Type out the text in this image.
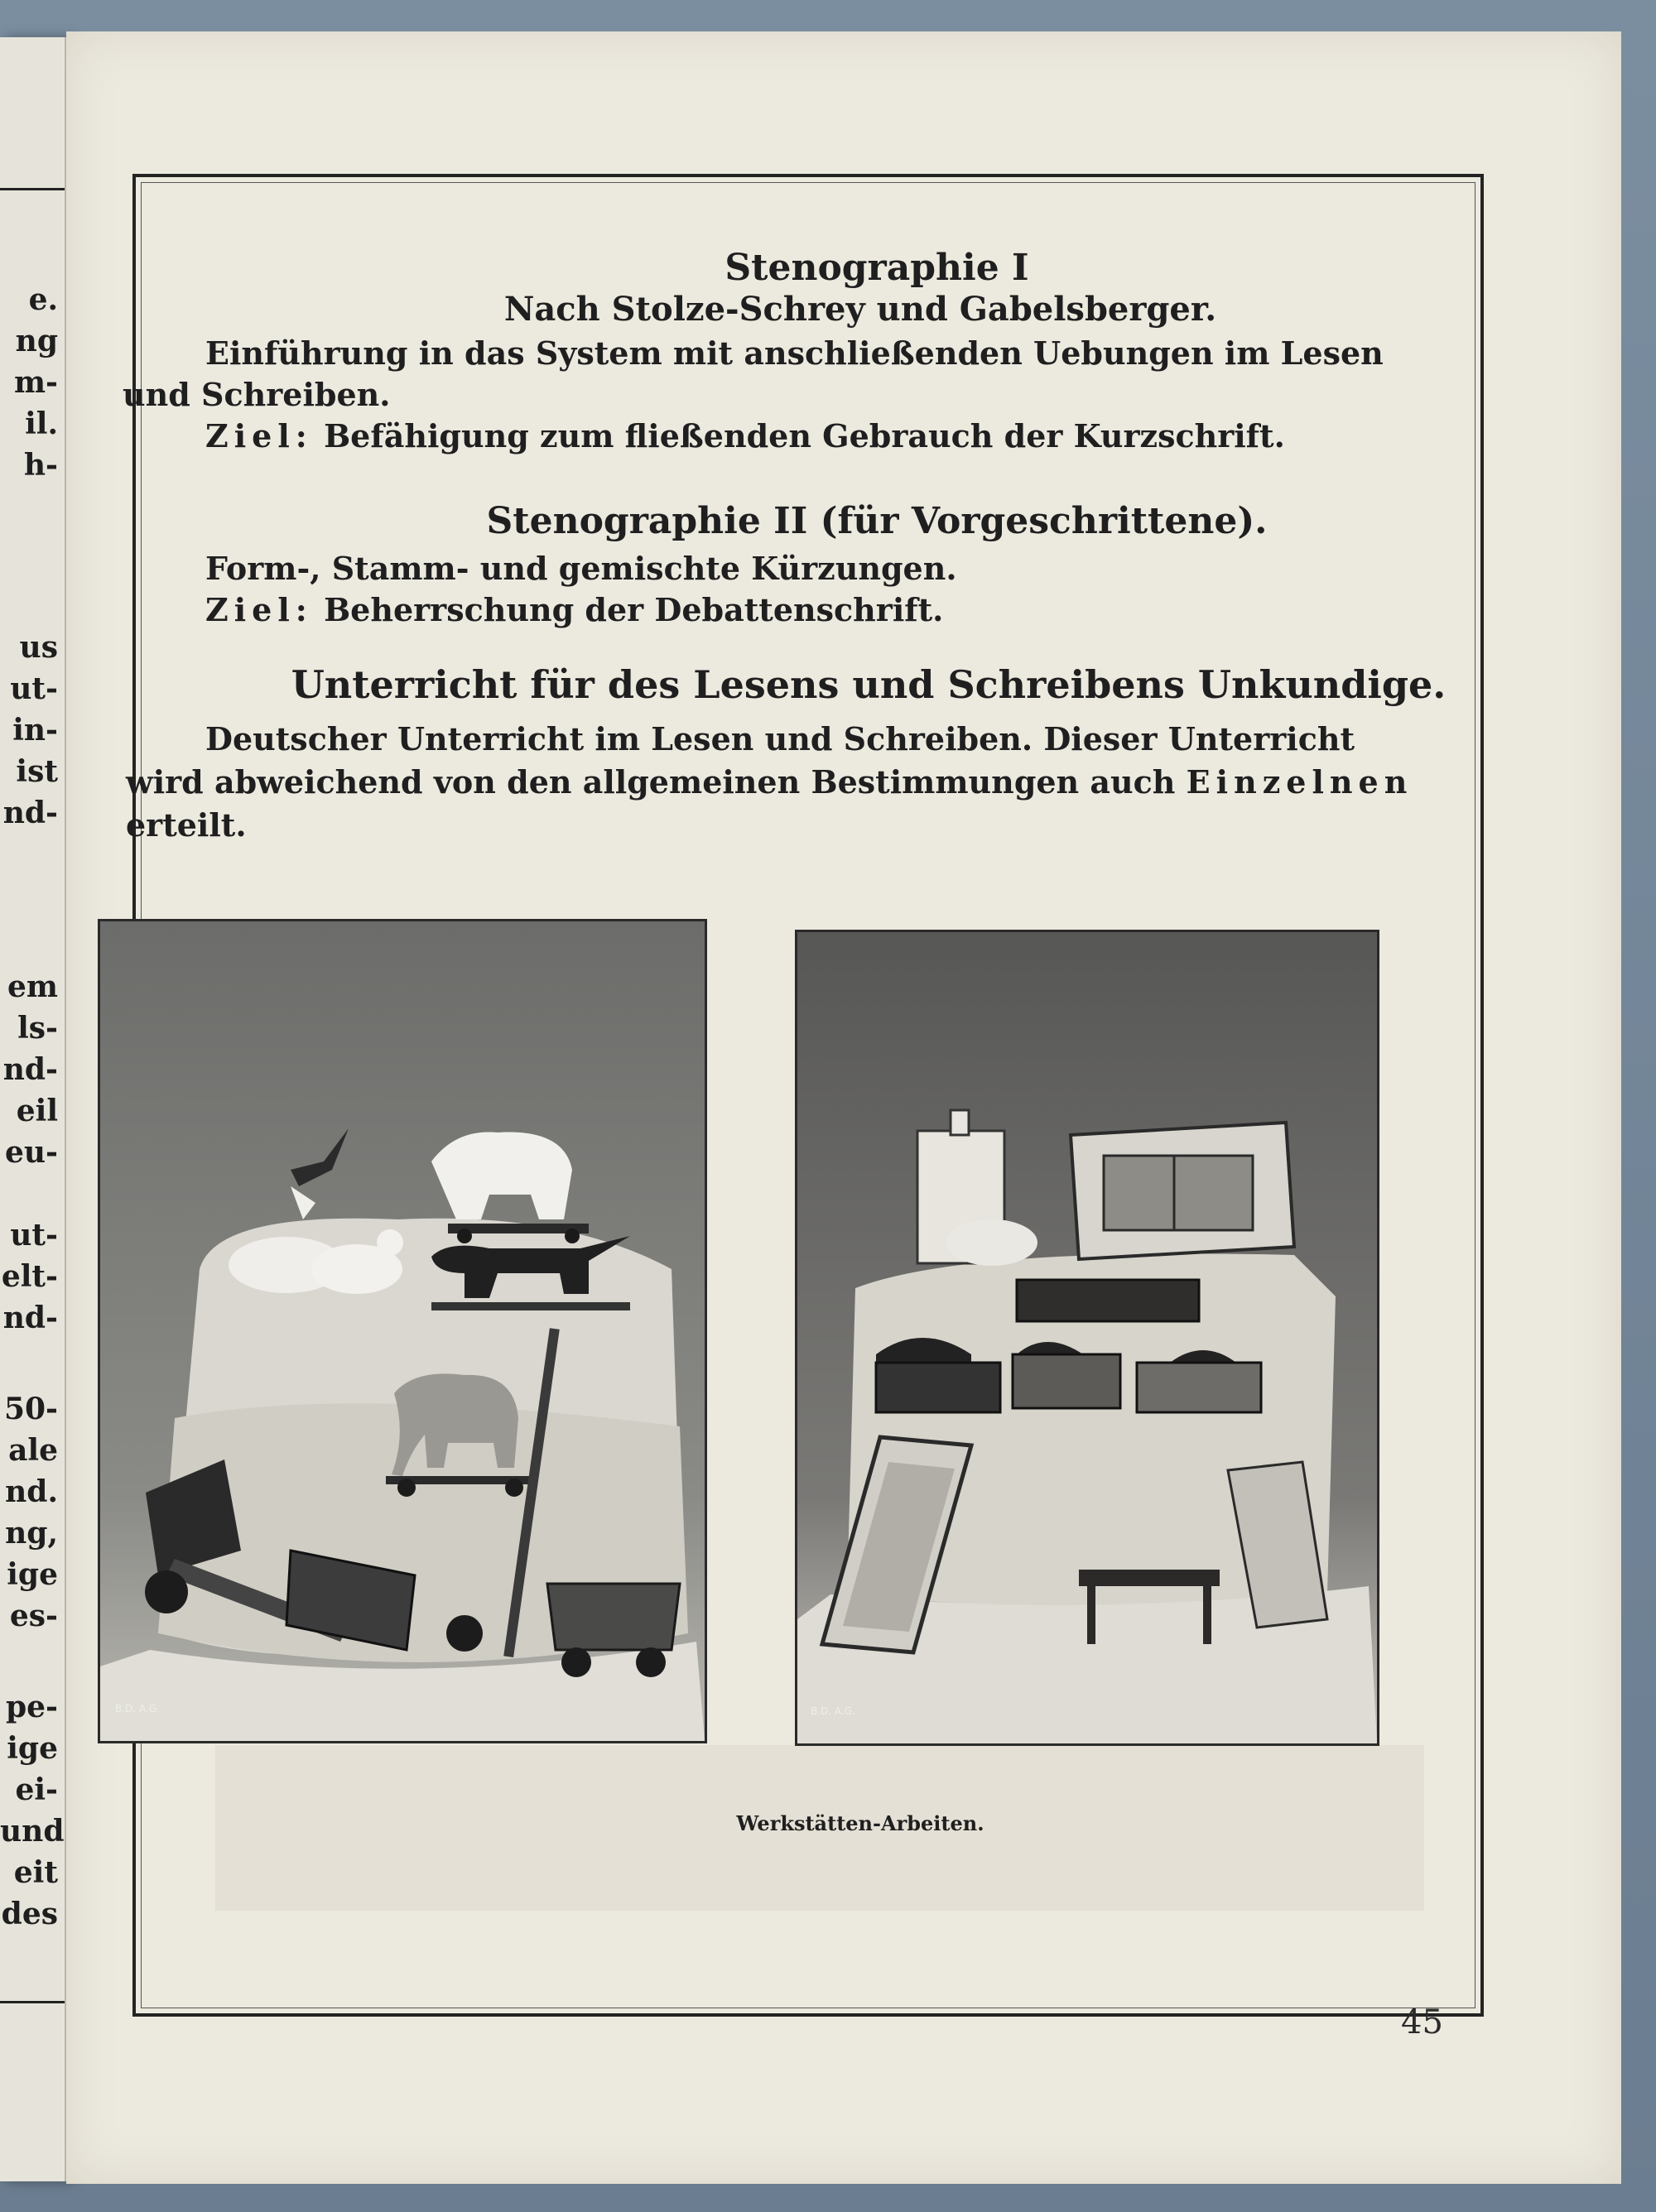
e.
ng
m-
il.
h-
us
ut-
in-
ist
nd-
em
ls-
nd-
eil
eu-
ut-
elt-
nd-
50-
ale
nd.
ng,
ige
es-
pe-
ige
ei-
und
eit
des
Stenographie I
Nach Stolze-Schrey und Gabelsberger.
Einführung in das System mit anschließenden Uebungen im Lesen
und Schreiben.
Ziel: Befähigung zum fließenden Gebrauch der Kurzschrift.
Stenographie II (für Vorgeschrittene).
Form-, Stamm- und gemischte Kürzungen.
Ziel: Beherrschung der Debattenschrift.
Unterricht für des Lesens und Schreibens Unkundige.
Deutscher Unterricht im Lesen und Schreiben. Dieser Unterricht
wird abweichend von den allgemeinen Bestimmungen auch Einzelnen
erteilt.
B.D. A.G.	B.D. A.G.
Werkstätten-Arbeiten.
45
